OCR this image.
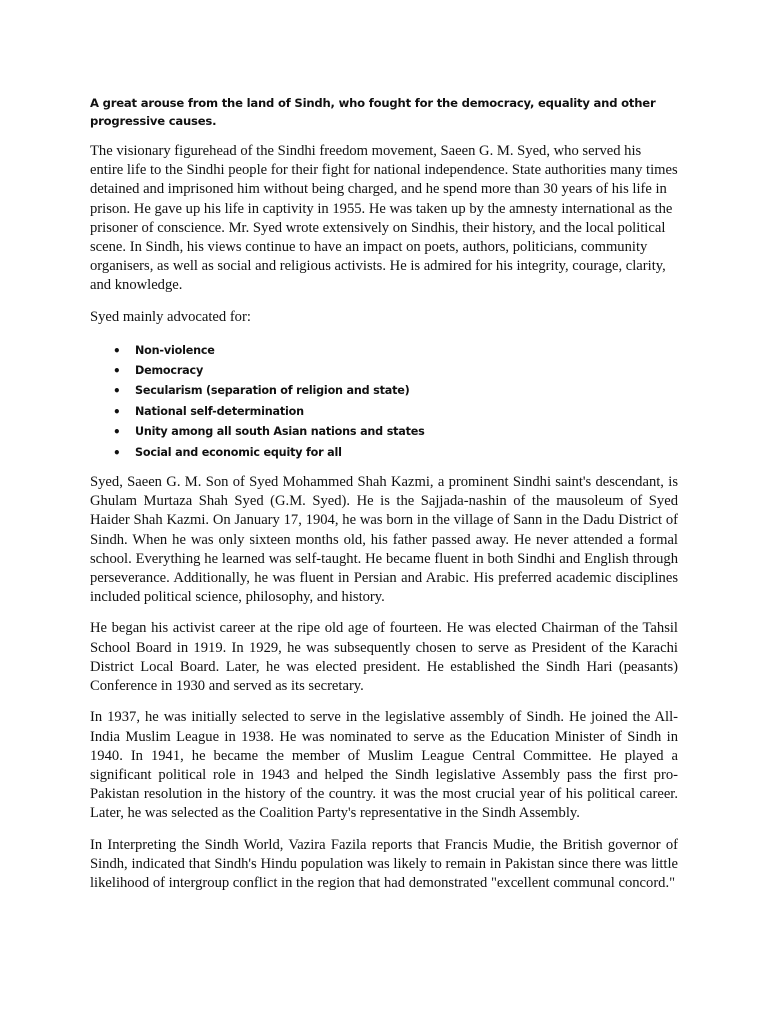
A great arouse from the land of Sindh, who fought for the democracy, equality and other progressive causes.

The visionary figurehead of the Sindhi freedom movement, Saeen G. M. Syed, who served his entire life to the Sindhi people for their fight for national independence. State authorities many times detained and imprisoned him without being charged, and he spend more than 30 years of his life in prison. He gave up his life in captivity in 1955. He was taken up by the amnesty international as the prisoner of conscience. Mr. Syed wrote extensively on Sindhis, their history, and the local political scene. In Sindh, his views continue to have an impact on poets, authors, politicians, community organisers, as well as social and religious activists. He is admired for his integrity, courage, clarity, and knowledge.

Syed mainly advocated for:

• Non-violence
• Democracy
• Secularism (separation of religion and state)
• National self-determination
• Unity among all south Asian nations and states
• Social and economic equity for all

Syed, Saeen G. M. Son of Syed Mohammed Shah Kazmi, a prominent Sindhi saint's descendant, is Ghulam Murtaza Shah Syed (G.M. Syed). He is the Sajjada-nashin of the mausoleum of Syed Haider Shah Kazmi. On January 17, 1904, he was born in the village of Sann in the Dadu District of Sindh. When he was only sixteen months old, his father passed away. He never attended a formal school. Everything he learned was self-taught. He became fluent in both Sindhi and English through perseverance. Additionally, he was fluent in Persian and Arabic. His preferred academic disciplines included political science, philosophy, and history.

He began his activist career at the ripe old age of fourteen. He was elected Chairman of the Tahsil School Board in 1919. In 1929, he was subsequently chosen to serve as President of the Karachi District Local Board. Later, he was elected president. He established the Sindh Hari (peasants) Conference in 1930 and served as its secretary.

In 1937, he was initially selected to serve in the legislative assembly of Sindh. He joined the All-India Muslim League in 1938. He was nominated to serve as the Education Minister of Sindh in 1940. In 1941, he became the member of Muslim League Central Committee. He played a significant political role in 1943 and helped the Sindh legislative Assembly pass the first pro-Pakistan resolution in the history of the country. it was the most crucial year of his political career. Later, he was selected as the Coalition Party's representative in the Sindh Assembly.

In Interpreting the Sindh World, Vazira Fazila reports that Francis Mudie, the British governor of Sindh, indicated that Sindh's Hindu population was likely to remain in Pakistan since there was little likelihood of intergroup conflict in the region that had demonstrated "excellent communal concord."
